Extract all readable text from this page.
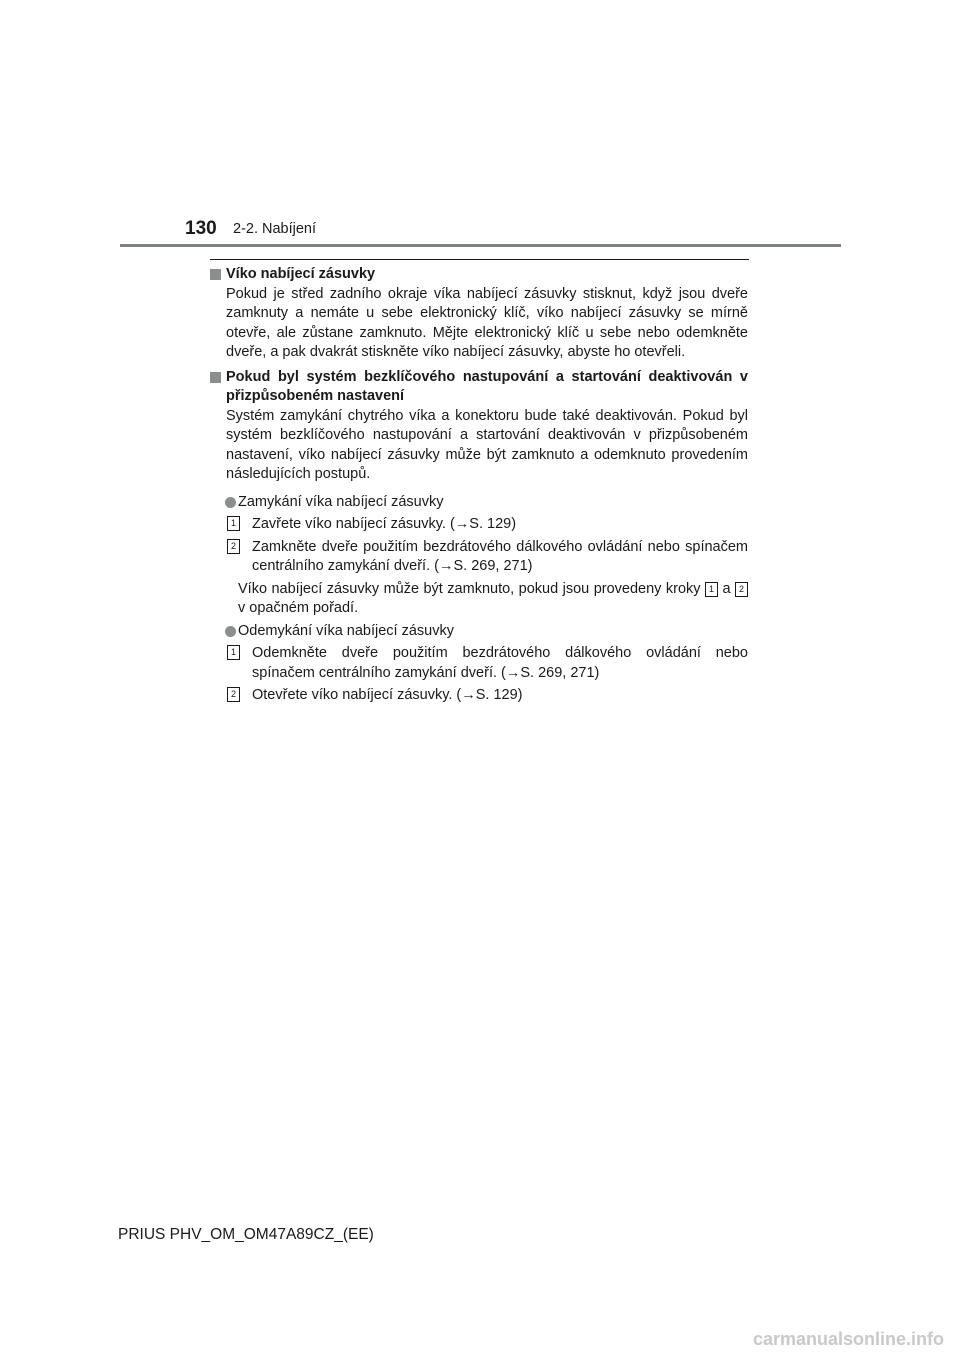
130 2-2. Nabíjení
Víko nabíjecí zásuvky
Pokud je střed zadního okraje víka nabíjecí zásuvky stisknut, když jsou dveře zamknuty a nemáte u sebe elektronický klíč, víko nabíjecí zásuvky se mírně otevře, ale zůstane zamknuto. Mějte elektronický klíč u sebe nebo odemkněte dveře, a pak dvakrát stiskněte víko nabíjecí zásuvky, abyste ho otevřeli.
Pokud byl systém bezklíčového nastupování a startování deaktivován v přizpůsobeném nastavení
Systém zamykání chytrého víka a konektoru bude také deaktivován. Pokud byl systém bezklíčového nastupování a startování deaktivován v přizpůsobeném nastavení, víko nabíjecí zásuvky může být zamknuto a odemknuto provedením následujících postupů.
Zamykání víka nabíjecí zásuvky
1 Zavřete víko nabíjecí zásuvky. (→S. 129)
2 Zamkněte dveře použitím bezdrátového dálkového ovládání nebo spínačem centrálního zamykání dveří. (→S. 269, 271)
Víko nabíjecí zásuvky může být zamknuto, pokud jsou provedeny kroky 1 a 2 v opačném pořadí.
Odemykání víka nabíjecí zásuvky
1 Odemkněte dveře použitím bezdrátového dálkového ovládání nebo spínačem centrálního zamykání dveří. (→S. 269, 271)
2 Otevřete víko nabíjecí zásuvky. (→S. 129)
PRIUS PHV_OM_OM47A89CZ_(EE)
carmanualsonline.info
